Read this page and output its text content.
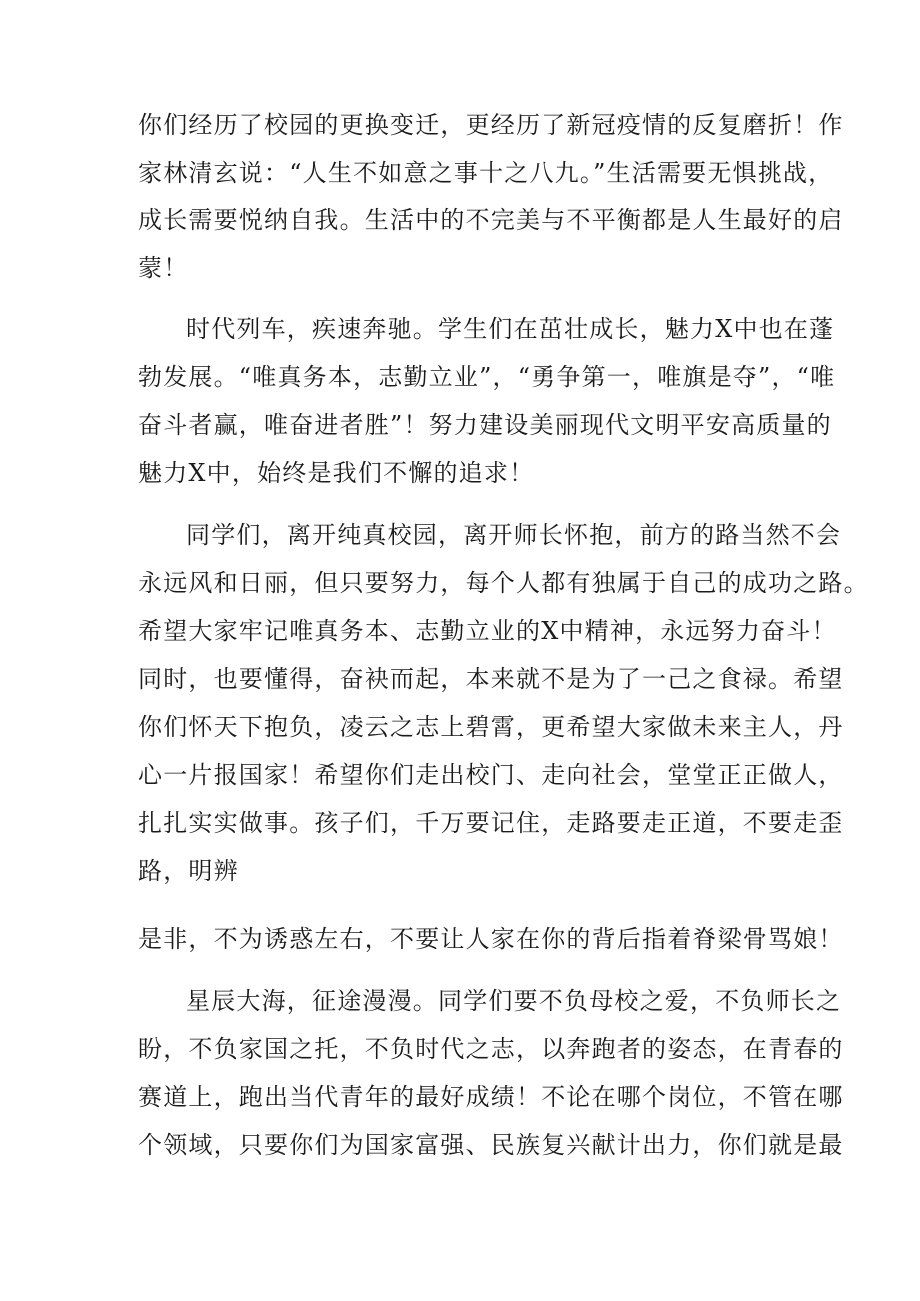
你们经历了校园的更换变迁，更经历了新冠疫情的反复磨折！作
家林清玄说：“人生不如意之事十之八九。”生活需要无惧挑战，
成长需要悦纳自我。生活中的不完美与不平衡都是人生最好的启
蒙！
时代列车，疾速奔驰。学生们在茁壮成长，魅力X中也在蓬
勃发展。“唯真务本，志勤立业”，“勇争第一，唯旗是夺”，“唯
奋斗者赢，唯奋进者胜”！努力建设美丽现代文明平安高质量的
魅力X中，始终是我们不懈的追求！
同学们，离开纯真校园，离开师长怀抱，前方的路当然不会
永远风和日丽，但只要努力，每个人都有独属于自己的成功之路。
希望大家牢记唯真务本、志勤立业的X中精神，永远努力奋斗！
同时，也要懂得，奋袂而起，本来就不是为了一己之食禄。希望
你们怀天下抱负，凌云之志上碧霄，更希望大家做未来主人，丹
心一片报国家！希望你们走出校门、走向社会，堂堂正正做人，
扎扎实实做事。孩子们，千万要记住，走路要走正道，不要走歪
路，明辨
是非，不为诱惑左右，不要让人家在你的背后指着脊梁骨骂娘！
星辰大海，征途漫漫。同学们要不负母校之爱，不负师长之
盼，不负家国之托，不负时代之志，以奔跑者的姿态，在青春的
赛道上，跑出当代青年的最好成绩！不论在哪个岗位，不管在哪
个领域，只要你们为国家富强、民族复兴献计出力，你们就是最
